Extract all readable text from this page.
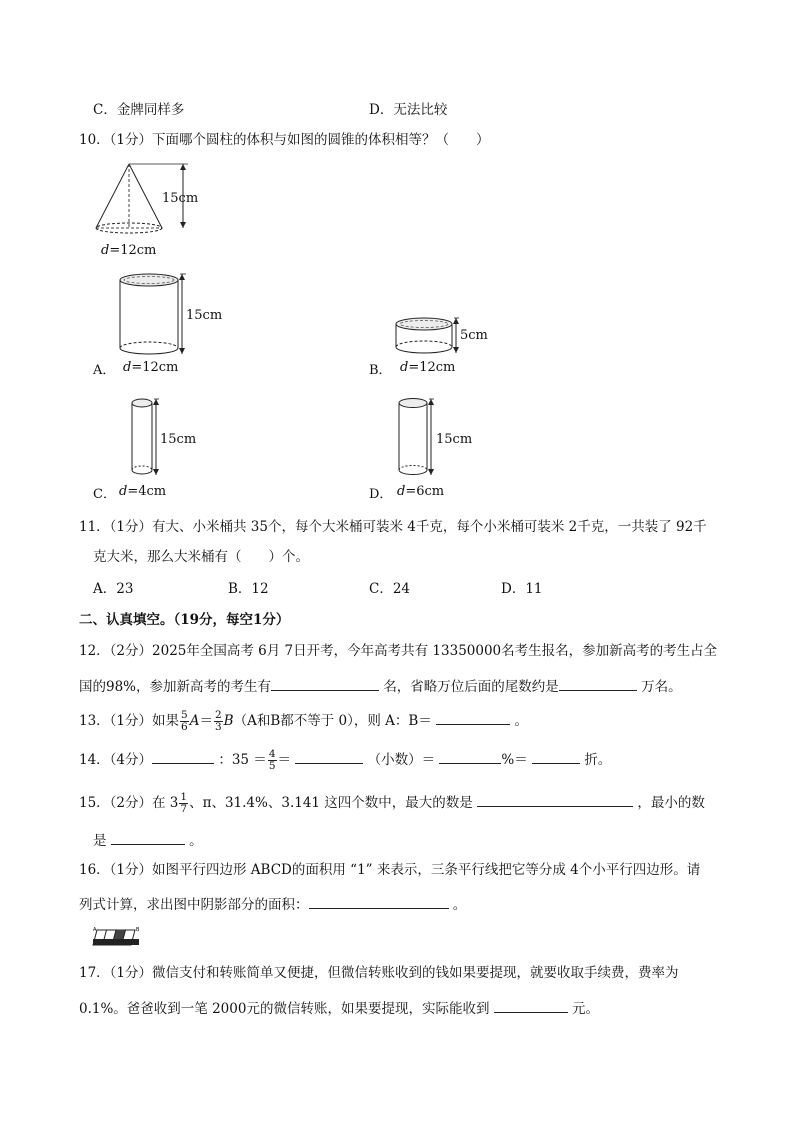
C．金牌同样多	D．无法比较
10．（1分）下面哪个圆柱的体积与如图的圆锥的体积相等？（　　）
15cm
d=12cm
15cm
A． d=12cm
5cm
B． d=12cm
15cm
C． d=4cm
15cm
D． d=6cm
11．（1分）有大、小米桶共 35个，每个大米桶可装米 4千克，每个小米桶可装米 2千克，一共装了 92千
克大米，那么大米桶有（　　）个。
A．23	B．12	C．24	D．11
二、认真填空。（19分，每空1分）
12．（2分）2025年全国高考 6月 7日开考，今年高考共有 13350000名考生报名，参加新高考的考生占全
国的98%，参加新高考的考生有	名，省略万位后面的尾数约是	万名。
13．（1分）如果 $\frac{5}{6} A= \frac{2}{3} B(A$和B都不等于 0），则 A：B＝	。
14．（4分）	：$35 = \frac{4}{5}$ ＝	（小数）＝	%＝	折。
15．（2分）在 $3 \frac{1}{7}$ 、π、31.4%、3.141 这四个数中，最大的数是	，最小的数
是	。
16．（1分）如图平行四边形 ABCD的面积用 “1” 来表示，三条平行线把它等分成 4个小平行四边形。请
列式计算，求出图中阴影部分的面积：	。
A	B
17．（1分）微信支付和转账简单又便捷，但微信转账收到的钱如果要提现，就要收取手续费，费率为
0.1%。爸爸收到一笔 2000元的微信转账，如果要提现，实际能收到	元。
